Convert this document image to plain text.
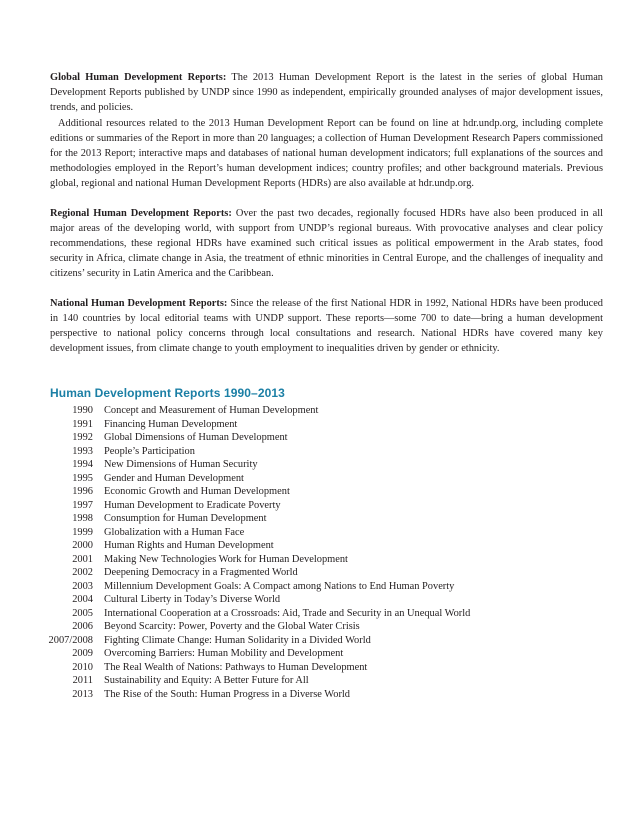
Global Human Development Reports: The 2013 Human Development Report is the latest in the series of global Human Development Reports published by UNDP since 1990 as independent, empirically grounded analyses of major development issues, trends, and policies.

Additional resources related to the 2013 Human Development Report can be found on line at hdr.undp.org, including complete editions or summaries of the Report in more than 20 languages; a collection of Human Development Research Papers commissioned for the 2013 Report; interactive maps and databases of national human development indicators; full explanations of the sources and methodologies employed in the Report’s human development indices; country profiles; and other background materials. Previous global, regional and national Human Development Reports (HDRs) are also available at hdr.undp.org.

Regional Human Development Reports: Over the past two decades, regionally focused HDRs have also been produced in all major areas of the developing world, with support from UNDP’s regional bureaus. With provocative analyses and clear policy recommendations, these regional HDRs have examined such critical issues as political empowerment in the Arab states, food security in Africa, climate change in Asia, the treatment of ethnic minorities in Central Europe, and the challenges of inequality and citizens’ security in Latin America and the Caribbean.

National Human Development Reports: Since the release of the first National HDR in 1992, National HDRs have been produced in 140 countries by local editorial teams with UNDP support. These reports—some 700 to date—bring a human development perspective to national policy concerns through local consultations and research. National HDRs have covered many key development issues, from climate change to youth employment to inequalities driven by gender or ethnicity.

Human Development Reports 1990–2013
1990	Concept and Measurement of Human Development
1991	Financing Human Development
1992	Global Dimensions of Human Development
1993	People’s Participation
1994	New Dimensions of Human Security
1995	Gender and Human Development
1996	Economic Growth and Human Development
1997	Human Development to Eradicate Poverty
1998	Consumption for Human Development
1999	Globalization with a Human Face
2000	Human Rights and Human Development
2001	Making New Technologies Work for Human Development
2002	Deepening Democracy in a Fragmented World
2003	Millennium Development Goals: A Compact among Nations to End Human Poverty
2004	Cultural Liberty in Today’s Diverse World
2005	International Cooperation at a Crossroads: Aid, Trade and Security in an Unequal World
2006	Beyond Scarcity: Power, Poverty and the Global Water Crisis
2007/2008	Fighting Climate Change: Human Solidarity in a Divided World
2009	Overcoming Barriers: Human Mobility and Development
2010	The Real Wealth of Nations: Pathways to Human Development
2011	Sustainability and Equity: A Better Future for All
2013	The Rise of the South: Human Progress in a Diverse World
